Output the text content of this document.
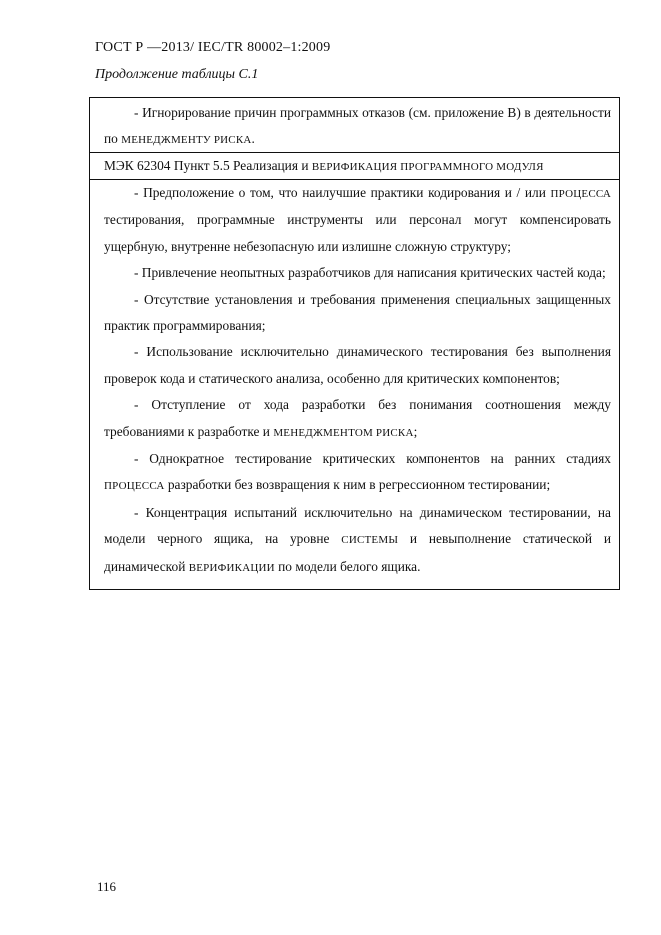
ГОСТ Р —2013/ IEC/TR 80002–1:2009
Продолжение таблицы С.1

- Игнорирование причин программных отказов (см. приложение В) в деятельности по МЕНЕДЖМЕНТУ РИСКА.

МЭК 62304 Пункт 5.5 Реализация и ВЕРИФИКАЦИЯ ПРОГРАММНОГО МОДУЛЯ

- Предположение о том, что наилучшие практики кодирования и / или ПРОЦЕССА тестирования, программные инструменты или персонал могут компенсировать ущербную, внутренне небезопасную или излишне сложную структуру;

- Привлечение неопытных разработчиков для написания критических частей кода;

- Отсутствие установления и требования применения специальных защищенных практик программирования;

- Использование исключительно динамического тестирования без выполнения проверок кода и статического анализа, особенно для критических компонентов;

- Отступление от хода разработки без понимания соотношения между требованиями к разработке и МЕНЕДЖМЕНТОМ РИСКА;

- Однократное тестирование критических компонентов на ранних стадиях ПРОЦЕССА разработки без возвращения к ним в регрессионном тестировании;

- Концентрация испытаний исключительно на динамическом тестировании, на модели черного ящика, на уровне СИСТЕМЫ и невыполнение статической и динамической ВЕРИФИКАЦИИ по модели белого ящика.

116
